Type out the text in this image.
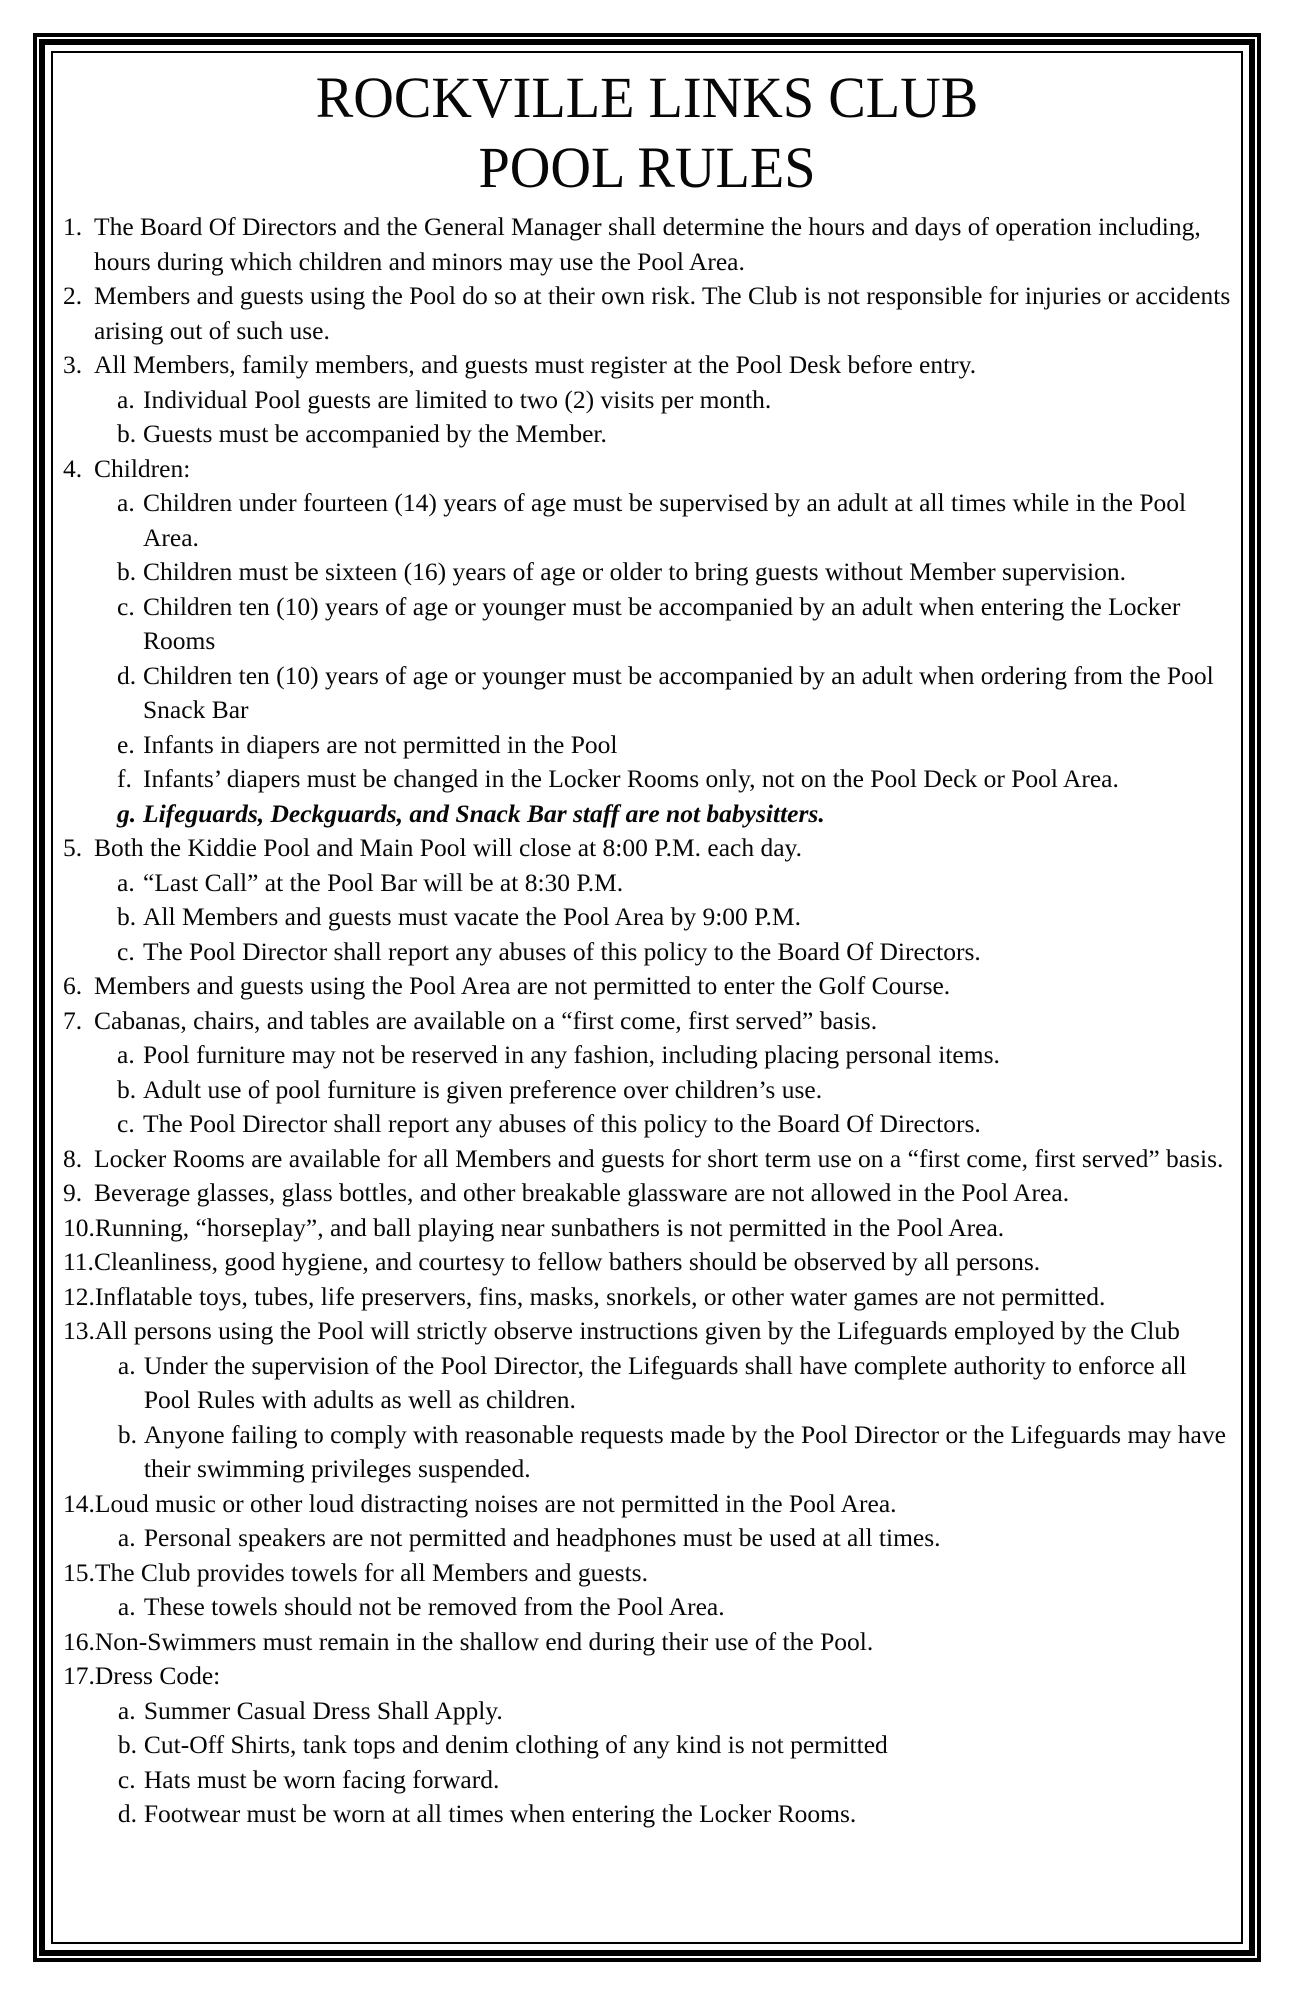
ROCKVILLE LINKS CLUB
POOL RULES
1. The Board Of Directors and the General Manager shall determine the hours and days of operation including, hours during which children and minors may use the Pool Area.
2. Members and guests using the Pool do so at their own risk. The Club is not responsible for injuries or accidents arising out of such use.
3. All Members, family members, and guests must register at the Pool Desk before entry.
a. Individual Pool guests are limited to two (2) visits per month.
b. Guests must be accompanied by the Member.
4. Children:
a. Children under fourteen (14) years of age must be supervised by an adult at all times while in the Pool Area.
b. Children must be sixteen (16) years of age or older to bring guests without Member supervision.
c. Children ten (10) years of age or younger must be accompanied by an adult when entering the Locker Rooms
d. Children ten (10) years of age or younger must be accompanied by an adult when ordering from the Pool Snack Bar
e. Infants in diapers are not permitted in the Pool
f. Infants’ diapers must be changed in the Locker Rooms only, not on the Pool Deck or Pool Area.
g. Lifeguards, Deckguards, and Snack Bar staff are not babysitters.
5. Both the Kiddie Pool and Main Pool will close at 8:00 P.M. each day.
a. “Last Call” at the Pool Bar will be at 8:30 P.M.
b. All Members and guests must vacate the Pool Area by 9:00 P.M.
c. The Pool Director shall report any abuses of this policy to the Board Of Directors.
6. Members and guests using the Pool Area are not permitted to enter the Golf Course.
7. Cabanas, chairs, and tables are available on a “first come, first served” basis.
a. Pool furniture may not be reserved in any fashion, including placing personal items.
b. Adult use of pool furniture is given preference over children’s use.
c. The Pool Director shall report any abuses of this policy to the Board Of Directors.
8. Locker Rooms are available for all Members and guests for short term use on a “first come, first served” basis.
9. Beverage glasses, glass bottles, and other breakable glassware are not allowed in the Pool Area.
10. Running, “horseplay”, and ball playing near sunbathers is not permitted in the Pool Area.
11. Cleanliness, good hygiene, and courtesy to fellow bathers should be observed by all persons.
12. Inflatable toys, tubes, life preservers, fins, masks, snorkels, or other water games are not permitted.
13. All persons using the Pool will strictly observe instructions given by the Lifeguards employed by the Club
a. Under the supervision of the Pool Director, the Lifeguards shall have complete authority to enforce all Pool Rules with adults as well as children.
b. Anyone failing to comply with reasonable requests made by the Pool Director or the Lifeguards may have their swimming privileges suspended.
14. Loud music or other loud distracting noises are not permitted in the Pool Area.
a. Personal speakers are not permitted and headphones must be used at all times.
15. The Club provides towels for all Members and guests.
a. These towels should not be removed from the Pool Area.
16. Non-Swimmers must remain in the shallow end during their use of the Pool.
17. Dress Code:
a. Summer Casual Dress Shall Apply.
b. Cut-Off Shirts, tank tops and denim clothing of any kind is not permitted
c. Hats must be worn facing forward.
d. Footwear must be worn at all times when entering the Locker Rooms.
